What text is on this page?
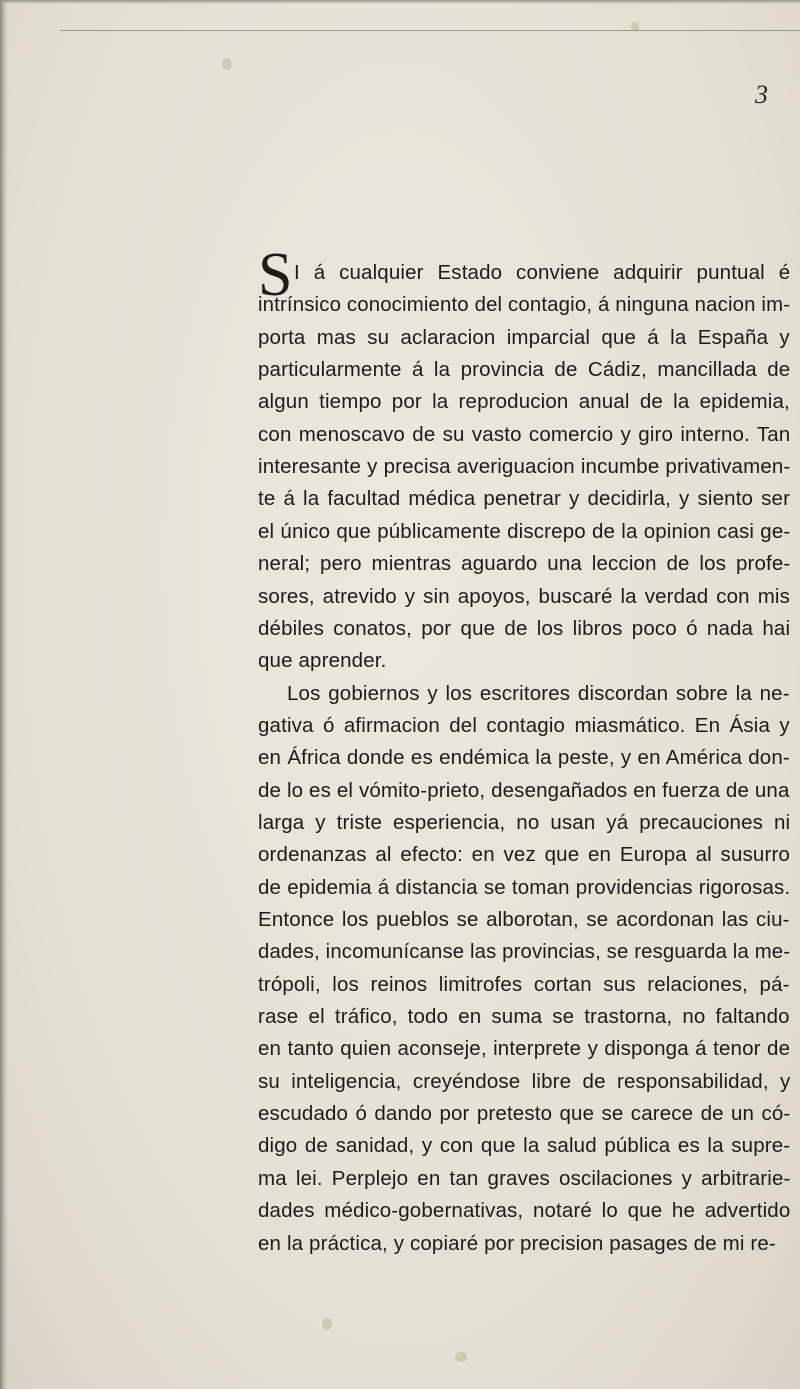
3
S I á cualquier Estado conviene adquirir puntual é
intrínsico conocimiento del contagio, á ninguna nacion im-
porta mas su aclaracion imparcial que á la España y
particularmente á la provincia de Cádiz, mancillada de
algun tiempo por la reproducion anual de la epidemia,
con menoscavo de su vasto comercio y giro interno. Tan
interesante y precisa averiguacion incumbe privativamen-
te á la facultad médica penetrar y decidirla, y siento ser
el único que públicamente discrepo de la opinion casi ge-
neral; pero mientras aguardo una leccion de los profe-
sores, atrevido y sin apoyos, buscaré la verdad con mis
débiles conatos, por que de los libros poco ó nada hai
que aprender.
Los gobiernos y los escritores discordan sobre la ne-
gativa ó afirmacion del contagio miasmático. En Ásia y
en África donde es endémica la peste, y en América don-
de lo es el vómito-prieto, desengañados en fuerza de una
larga y triste esperiencia, no usan yá precauciones ni
ordenanzas al efecto: en vez que en Europa al susurro
de epidemia á distancia se toman providencias rigorosas.
Entonce los pueblos se alborotan, se acordonan las ciu-
dades, incomunícanse las provincias, se resguarda la me-
trópoli, los reinos limitrofes cortan sus relaciones, pá-
rase el tráfico, todo en suma se trastorna, no faltando
en tanto quien aconseje, interprete y disponga á tenor de
su inteligencia, creyéndose libre de responsabilidad, y
escudado ó dando por pretesto que se carece de un có-
digo de sanidad, y con que la salud pública es la supre-
ma lei. Perplejo en tan graves oscilaciones y arbitrarie-
dades médico-gobernativas, notaré lo que he advertido
en la práctica, y copiaré por precision pasages de mi re-
